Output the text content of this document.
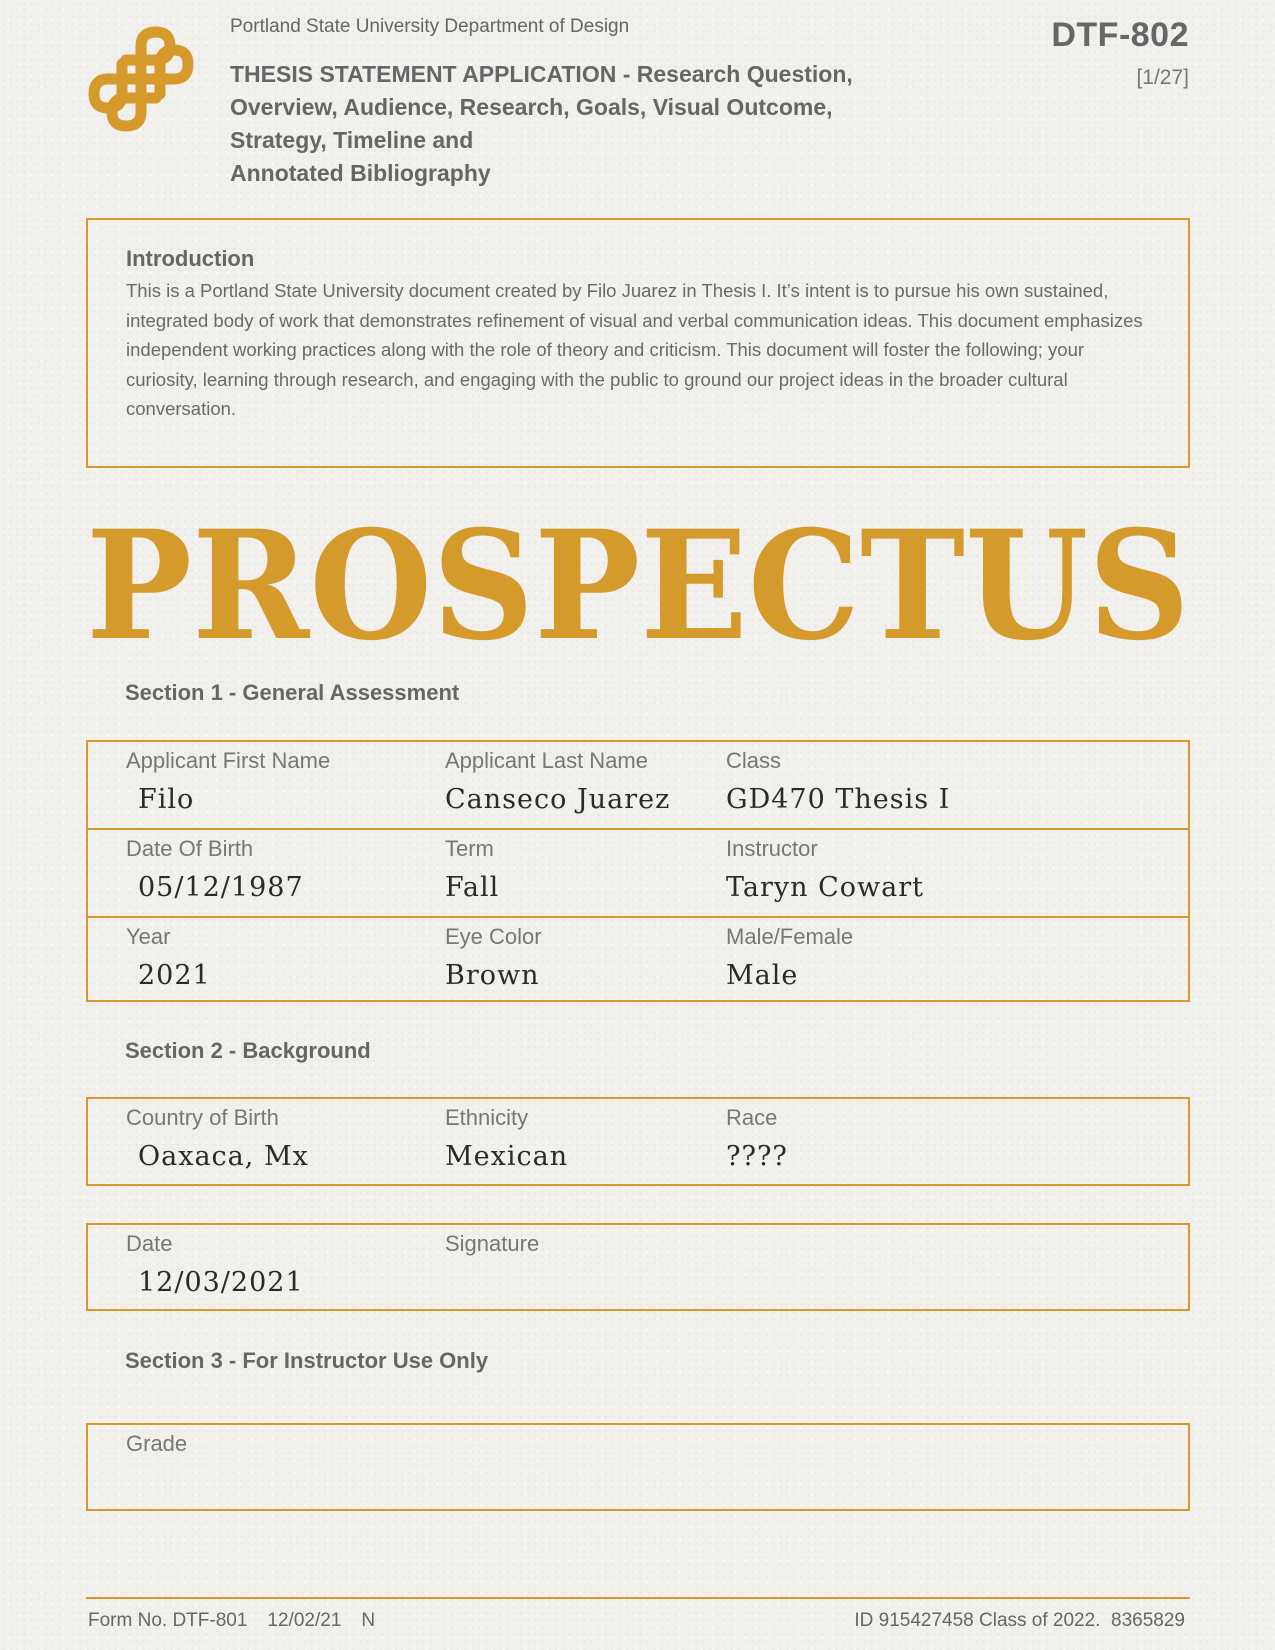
Portland State University Department of Design
THESIS STATEMENT APPLICATION - Research Question,
Overview, Audience, Research, Goals, Visual Outcome,
Strategy, Timeline and
Annotated Bibliography
DTF-802
[1/27]
Introduction

This is a Portland State University document created by Filo Juarez in Thesis I. It’s intent is to pursue his own sustained, integrated body of work that demonstrates refinement of visual and verbal communication ideas. This document emphasizes independent working practices along with the role of theory and criticism. This document will foster the following; your curiosity, learning through research, and engaging with the public to ground our project ideas in the broader cultural conversation.

PROSPECTUS
Section 1 - General Assessment
Applicant First Name
Filo
Applicant Last Name
Canseco Juarez
Class
GD470 Thesis I
Date Of Birth
05/12/1987
Term
Fall
Instructor
Taryn Cowart
Year
2021
Eye Color
Brown
Male/Female
Male
Section 2 - Background
Country of Birth
Oaxaca, Mx
Ethnicity
Mexican
Race
????
Date
12/03/2021
Signature
Section 3 - For Instructor Use Only
Grade
Form No. DTF-801 12/02/21 N	ID 915427458 Class of 2022. 8365829
